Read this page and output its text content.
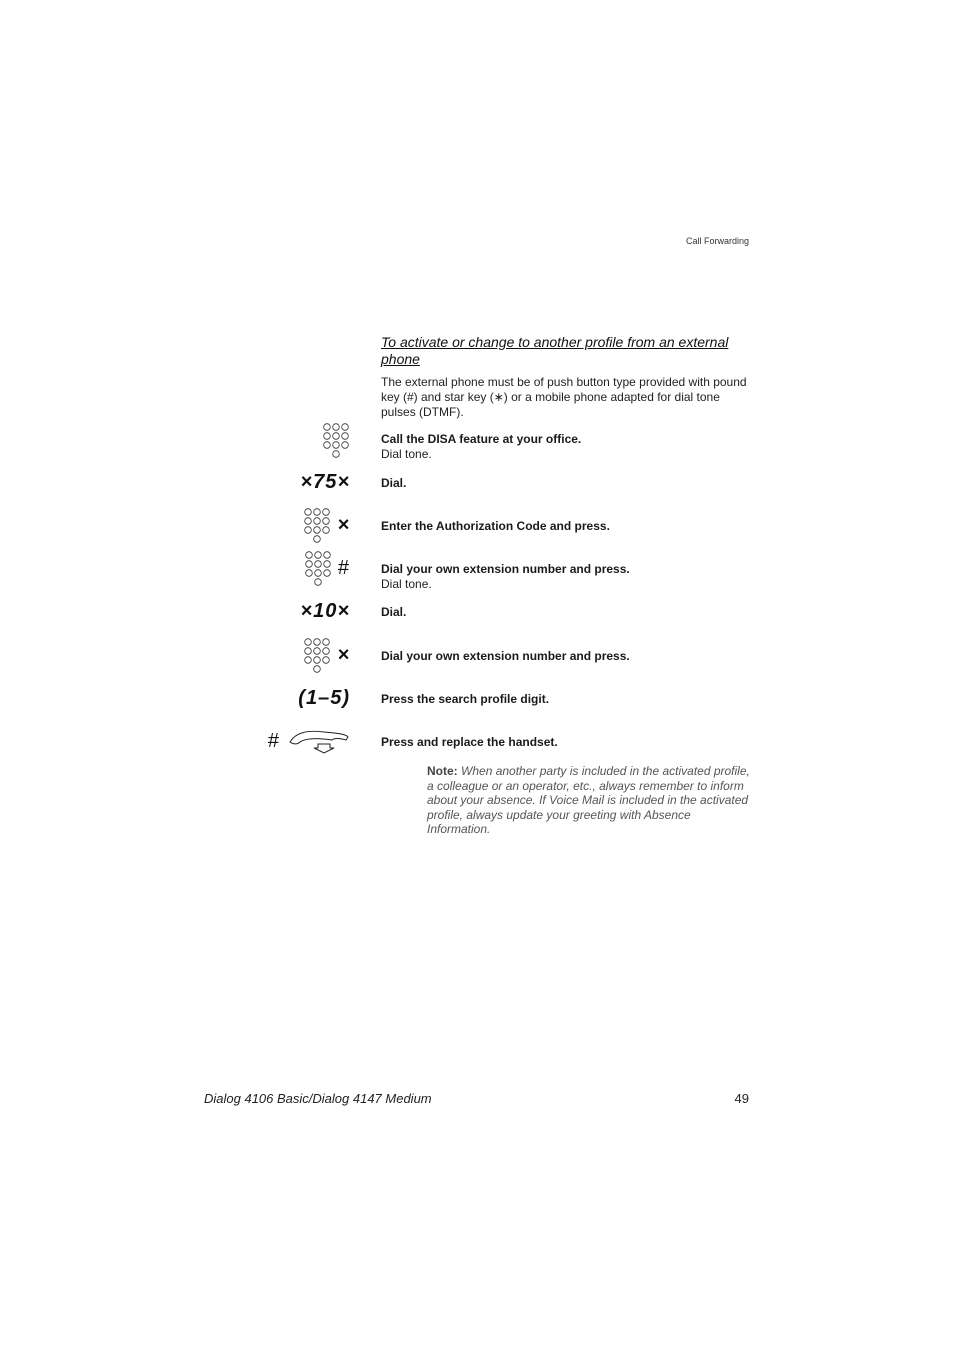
Call Forwarding
To activate or change to another profile from an external phone
The external phone must be of push button type provided with pound key (#) and star key (∗) or a mobile phone adapted for dial tone pulses (DTMF).
Call the DISA feature at your office.
Dial tone.
×75×	Dial.
×	Enter the Authorization Code and press.
#	Dial your own extension number and press.
Dial tone.
×10×	Dial.
×	Dial your own extension number and press.
(1–5)	Press the search profile digit.
#	Press and replace the handset.
Note: When another party is included in the activated profile, a colleague or an operator, etc., always remember to inform about your absence. If Voice Mail is included in the activated profile, always update your greeting with Absence Information.
Dialog 4106 Basic/Dialog 4147 Medium	49
